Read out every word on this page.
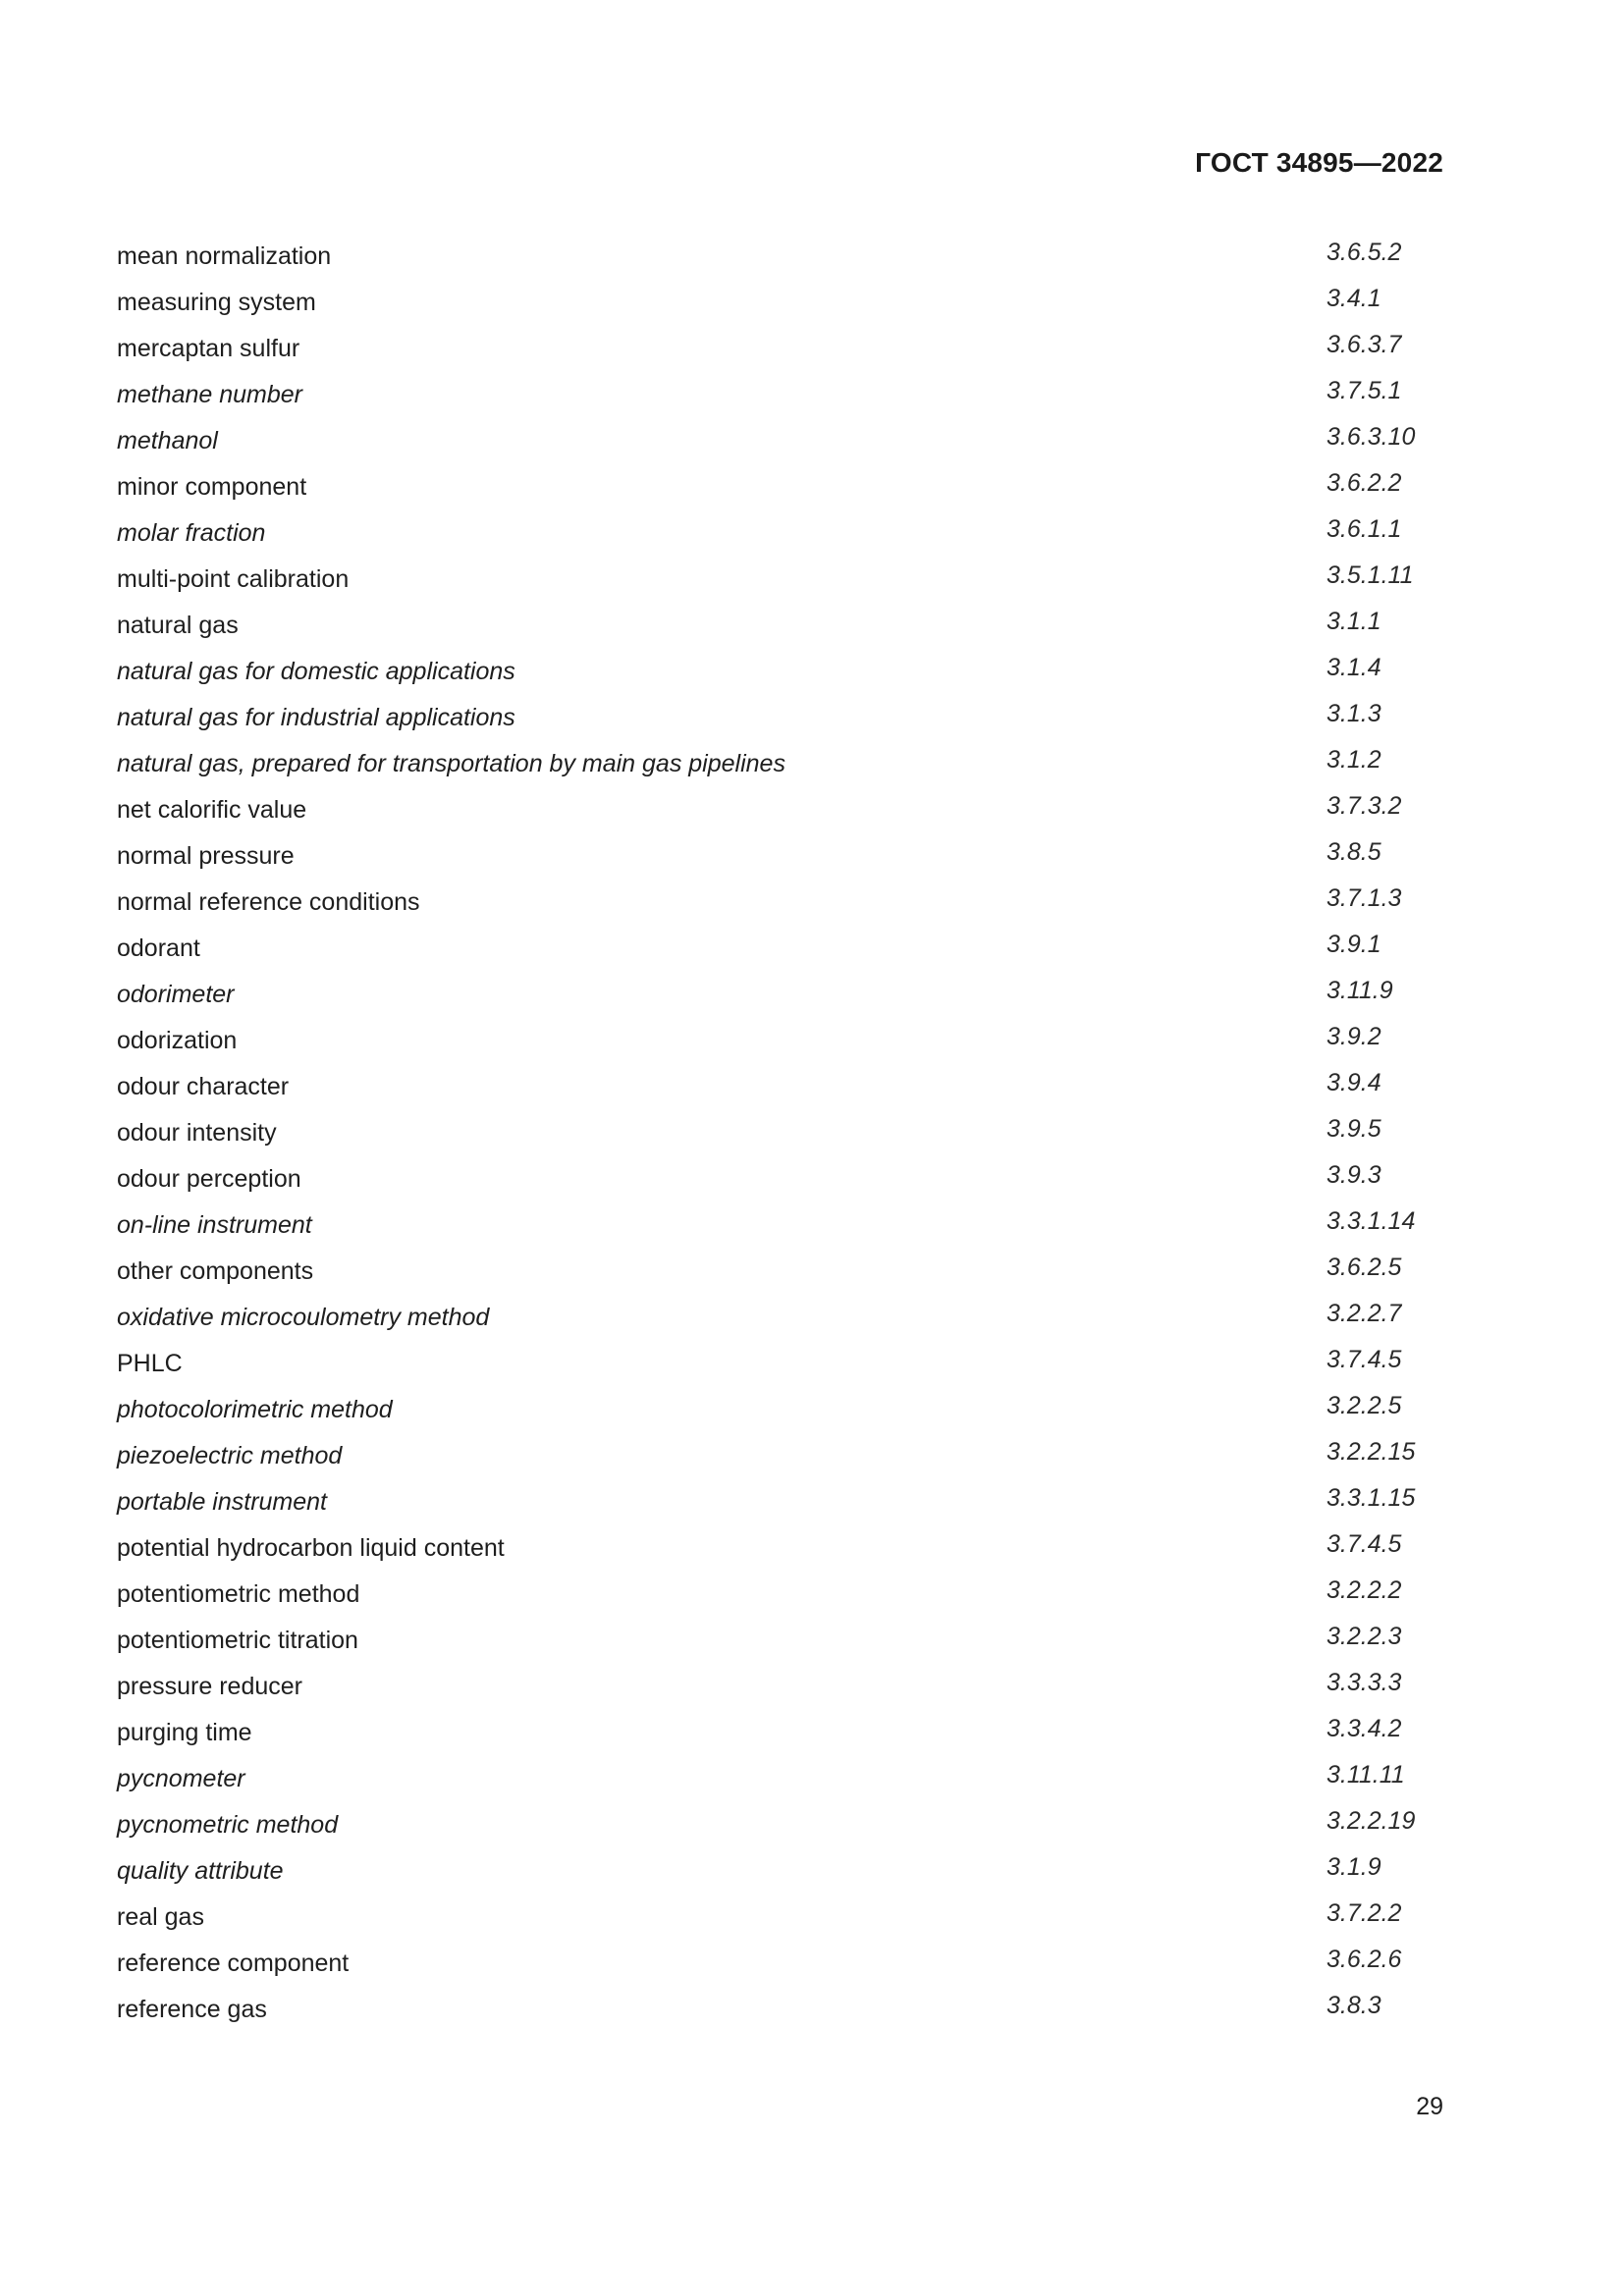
ГОСТ 34895—2022
mean normalization	3.6.5.2
measuring system	3.4.1
mercaptan sulfur	3.6.3.7
methane number	3.7.5.1
methanol	3.6.3.10
minor component	3.6.2.2
molar fraction	3.6.1.1
multi-point calibration	3.5.1.11
natural gas	3.1.1
natural gas for domestic applications	3.1.4
natural gas for industrial applications	3.1.3
natural gas, prepared for transportation by main gas pipelines	3.1.2
net calorific value	3.7.3.2
normal pressure	3.8.5
normal reference conditions	3.7.1.3
odorant	3.9.1
odorimeter	3.11.9
odorization	3.9.2
odour character	3.9.4
odour intensity	3.9.5
odour perception	3.9.3
on-line instrument	3.3.1.14
other components	3.6.2.5
oxidative microcoulometry method	3.2.2.7
PHLC	3.7.4.5
photocolorimetric method	3.2.2.5
piezoelectric method	3.2.2.15
portable instrument	3.3.1.15
potential hydrocarbon liquid content	3.7.4.5
potentiometric method	3.2.2.2
potentiometric titration	3.2.2.3
pressure reducer	3.3.3.3
purging time	3.3.4.2
pycnometer	3.11.11
pycnometric method	3.2.2.19
quality attribute	3.1.9
real gas	3.7.2.2
reference component	3.6.2.6
reference gas	3.8.3
29
